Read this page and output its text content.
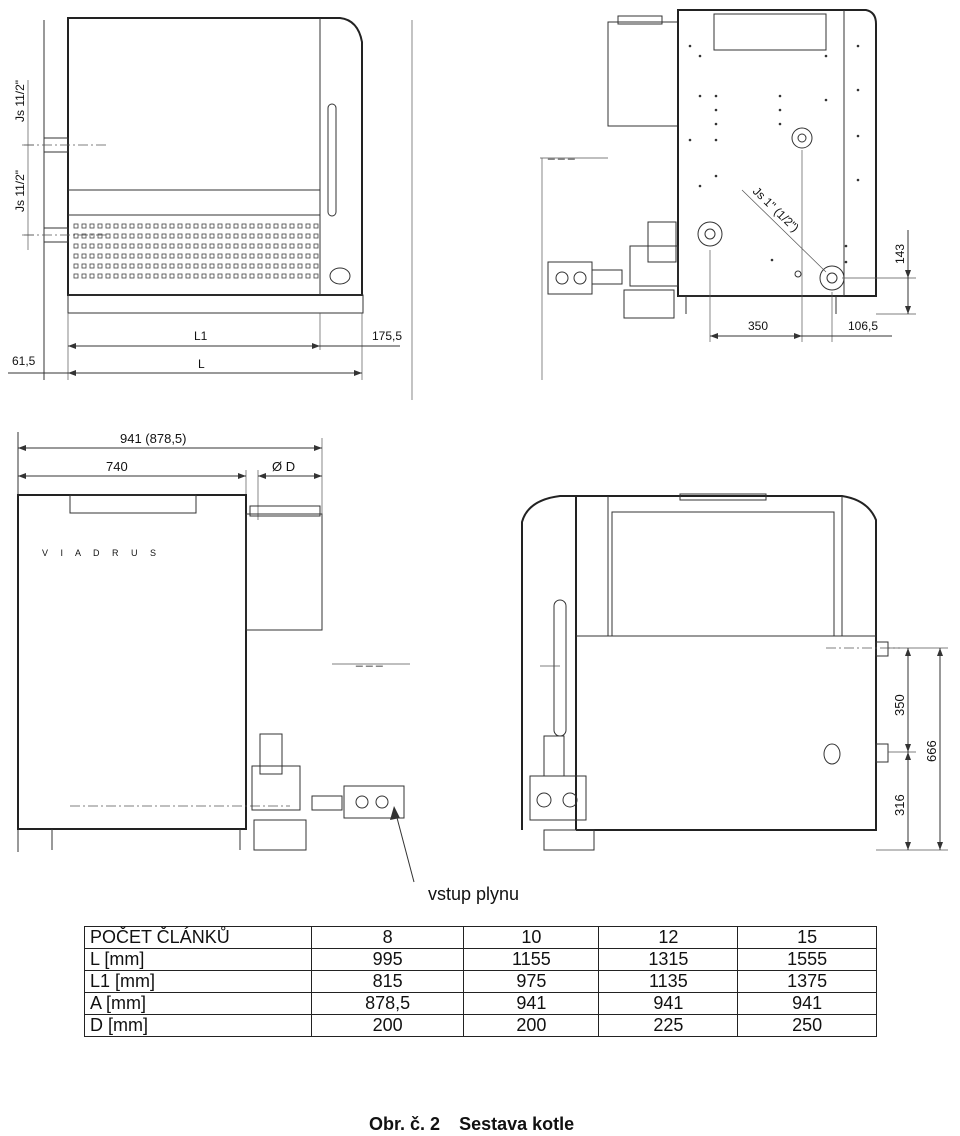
Js 11/2"
Js 11/2"
L1	175,5
L
61,5
_ _ _
Js 1" (1/2")
350	106,5
143
941 (878,5)
740	Ø D
V I A D R U S
_ _ _
350
316
666
vstup plynu
POČET ČLÁNKŮ	8	10	12	15
L [mm]	995	1155	1315	1555
L1 [mm]	815	975	1135	1375
A [mm]	878,5	941	941	941
D [mm]	200	200	225	250
Obr. č. 2 Sestava kotle
